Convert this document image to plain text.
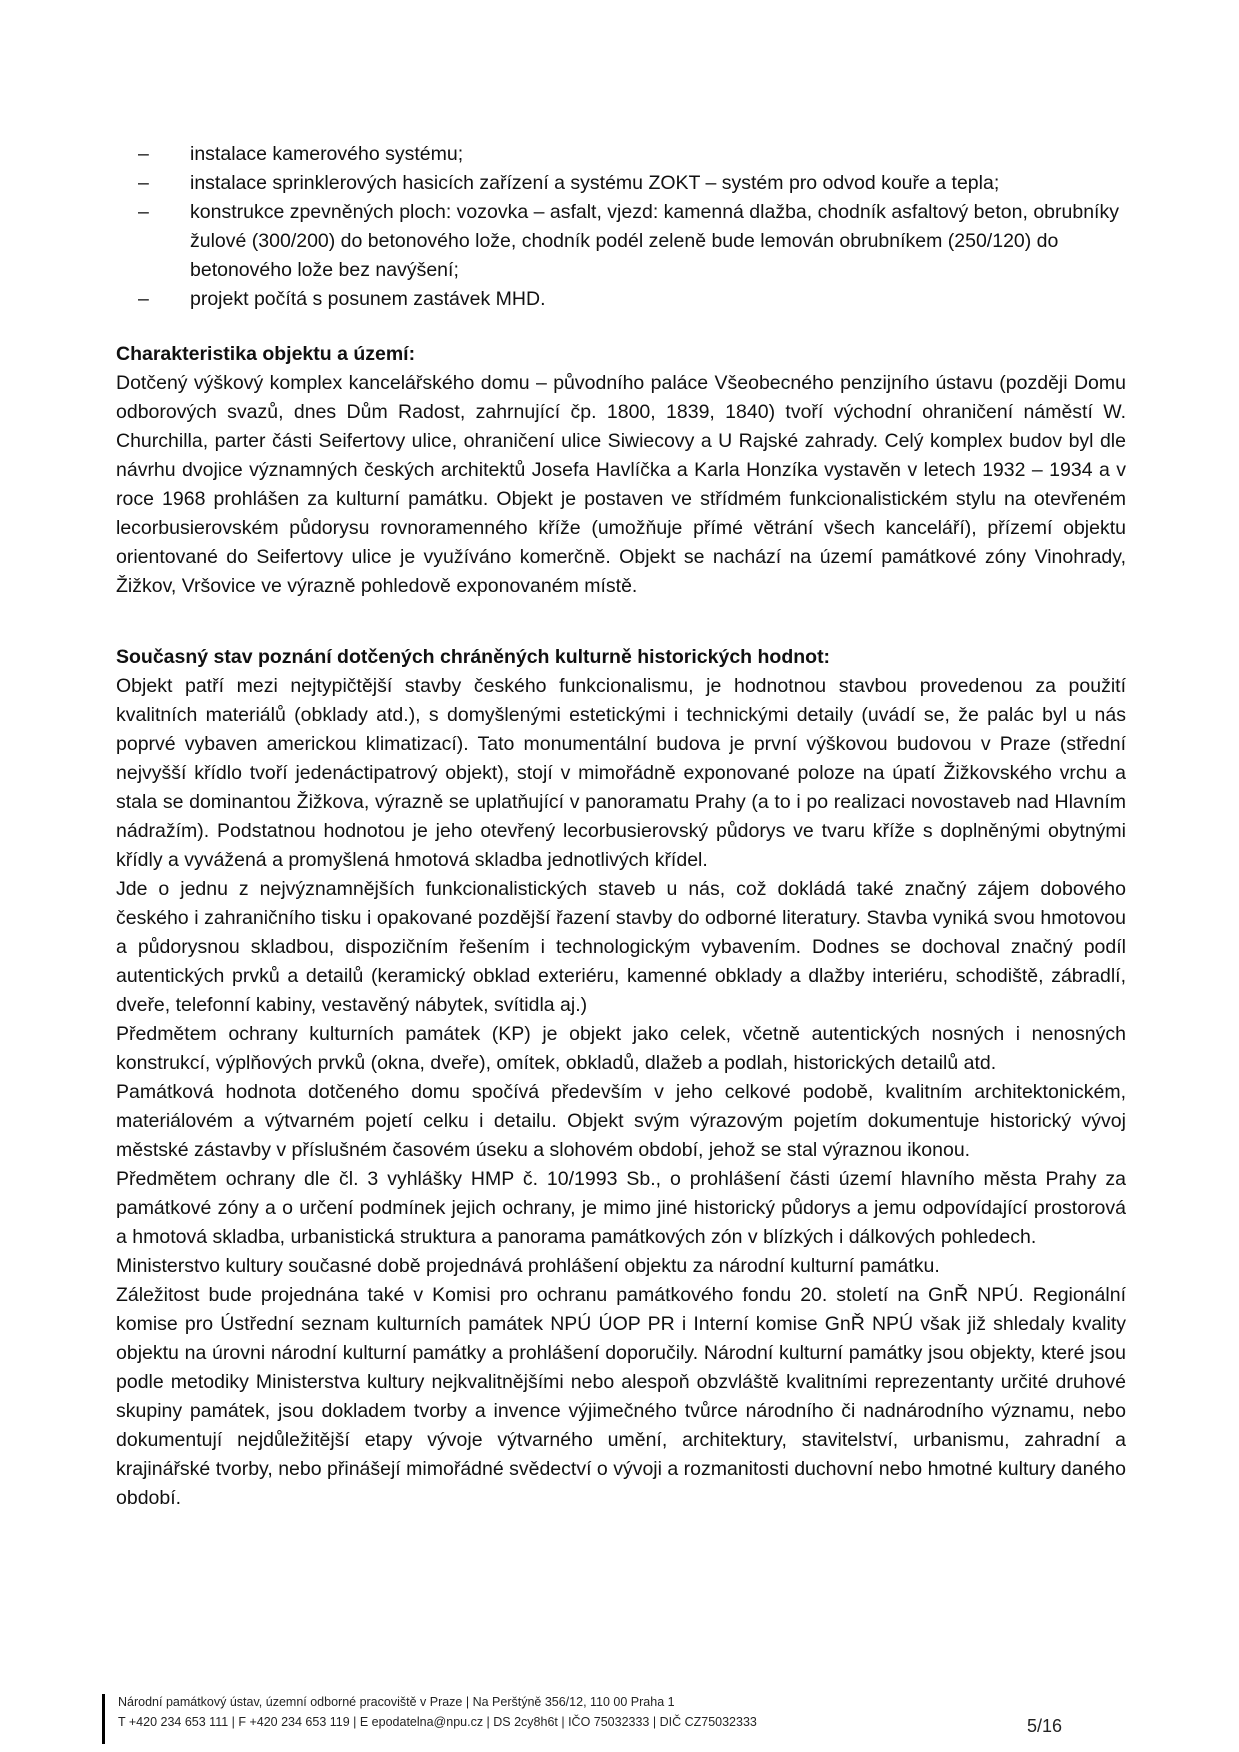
– instalace kamerového systému;
– instalace sprinklerových hasicích zařízení a systému ZOKT – systém pro odvod kouře a tepla;
– konstrukce zpevněných ploch: vozovka – asfalt, vjezd: kamenná dlažba, chodník asfaltový beton, obrubníky žulové (300/200) do betonového lože, chodník podél zeleně bude lemován obrubníkem (250/120) do betonového lože bez navýšení;
– projekt počítá s posunem zastávek MHD.
Charakteristika objektu a území:

Dotčený výškový komplex kancelářského domu – původního paláce Všeobecného penzijního ústavu (později Domu odborových svazů, dnes Dům Radost, zahrnující čp. 1800, 1839, 1840) tvoří východní ohraničení náměstí W. Churchilla, parter části Seifertovy ulice, ohraničení ulice Siwiecovy a U Rajské zahrady. Celý komplex budov byl dle návrhu dvojice významných českých architektů Josefa Havlíčka a Karla Honzíka vystavěn v letech 1932 – 1934 a v roce 1968 prohlášen za kulturní památku. Objekt je postaven ve střídmém funkcionalistickém stylu na otevřeném lecorbusierovském půdorysu rovnoramenného kříže (umožňuje přímé větrání všech kanceláří), přízemí objektu orientované do Seifertovy ulice je využíváno komerčně. Objekt se nachází na území památkové zóny Vinohrady, Žižkov, Vršovice ve výrazně pohledově exponovaném místě.

Současný stav poznání dotčených chráněných kulturně historických hodnot:

Objekt patří mezi nejtypičtější stavby českého funkcionalismu, je hodnotnou stavbou provedenou za použití kvalitních materiálů (obklady atd.), s domyšlenými estetickými i technickými detaily (uvádí se, že palác byl u nás poprvé vybaven americkou klimatizací). Tato monumentální budova je první výškovou budovou v Praze (střední nejvyšší křídlo tvoří jedenáctipatrový objekt), stojí v mimořádně exponované poloze na úpatí Žižkovského vrchu a stala se dominantou Žižkova, výrazně se uplatňující v panoramatu Prahy (a to i po realizaci novostaveb nad Hlavním nádražím). Podstatnou hodnotou je jeho otevřený lecorbusierovský půdorys ve tvaru kříže s doplněnými obytnými křídly a vyvážená a promyšlená hmotová skladba jednotlivých křídel.

Jde o jednu z nejvýznamnějších funkcionalistických staveb u nás, což dokládá také značný zájem dobového českého i zahraničního tisku i opakované pozdější řazení stavby do odborné literatury. Stavba vyniká svou hmotovou a půdorysnou skladbou, dispozičním řešením i technologickým vybavením. Dodnes se dochoval značný podíl autentických prvků a detailů (keramický obklad exteriéru, kamenné obklady a dlažby interiéru, schodiště, zábradlí, dveře, telefonní kabiny, vestavěný nábytek, svítidla aj.)

Předmětem ochrany kulturních památek (KP) je objekt jako celek, včetně autentických nosných i nenosných konstrukcí, výplňových prvků (okna, dveře), omítek, obkladů, dlažeb a podlah, historických detailů atd.

Památková hodnota dotčeného domu spočívá především v jeho celkové podobě, kvalitním architektonickém, materiálovém a výtvarném pojetí celku i detailu. Objekt svým výrazovým pojetím dokumentuje historický vývoj městské zástavby v příslušném časovém úseku a slohovém období, jehož se stal výraznou ikonou.

Předmětem ochrany dle čl. 3 vyhlášky HMP č. 10/1993 Sb., o prohlášení části území hlavního města Prahy za památkové zóny a o určení podmínek jejich ochrany, je mimo jiné historický půdorys a jemu odpovídající prostorová a hmotová skladba, urbanistická struktura a panorama památkových zón v blízkých i dálkových pohledech.

Ministerstvo kultury současné době projednává prohlášení objektu za národní kulturní památku.

Záležitost bude projednána také v Komisi pro ochranu památkového fondu 20. století na GnŘ NPÚ. Regionální komise pro Ústřední seznam kulturních památek NPÚ ÚOP PR i Interní komise GnŘ NPÚ však již shledaly kvality objektu na úrovni národní kulturní památky a prohlášení doporučily. Národní kulturní památky jsou objekty, které jsou podle metodiky Ministerstva kultury nejkvalitnějšími nebo alespoň obzvláště kvalitními reprezentanty určité druhové skupiny památek, jsou dokladem tvorby a invence výjimečného tvůrce národního či nadnárodního významu, nebo dokumentují nejdůležitější etapy vývoje výtvarného umění, architektury, stavitelství, urbanismu, zahradní a krajinářské tvorby, nebo přinášejí mimořádné svědectví o vývoji a rozmanitosti duchovní nebo hmotné kultury daného období.

Národní památkový ústav, územní odborné pracoviště v Praze | Na Perštýně 356/12, 110 00 Praha 1
T +420 234 653 111 | F +420 234 653 119 | E epodatelna@npu.cz | DS 2cy8h6t | IČO 75032333 | DIČ CZ75032333	5/16
